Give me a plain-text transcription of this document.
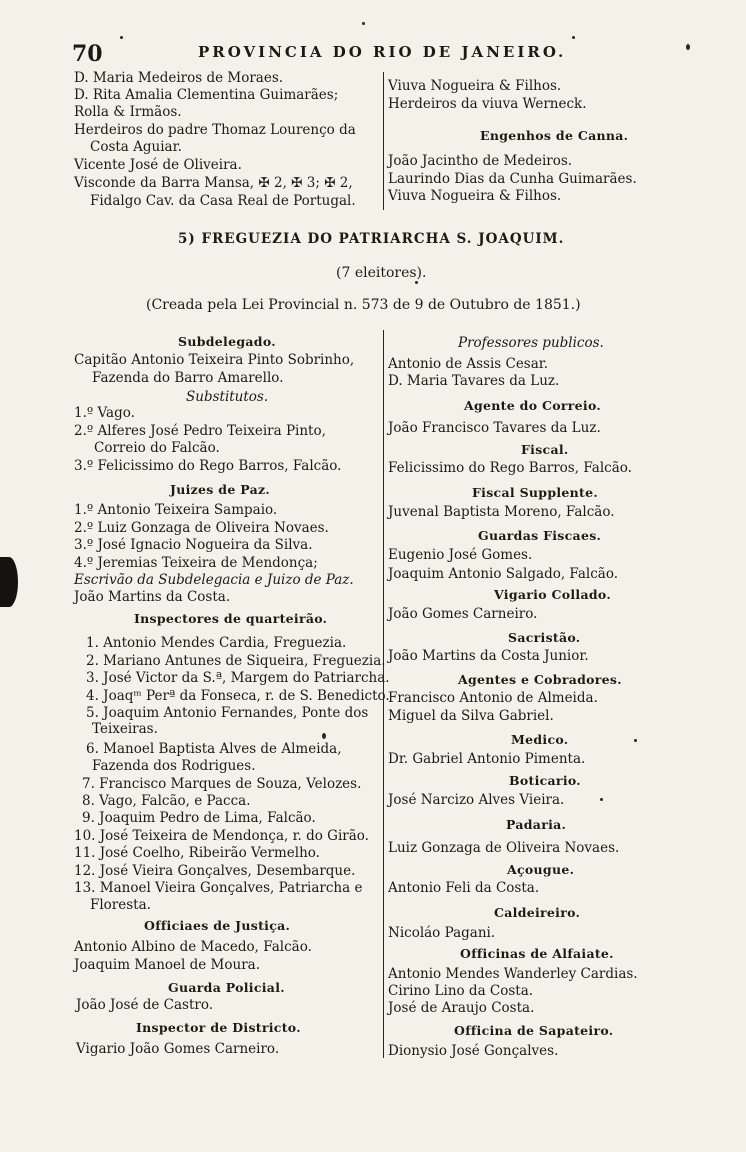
70	PROVINCIA DO RIO DE JANEIRO.
D. Maria Medeiros de Moraes.
D. Rita Amalia Clementina Guimarães;
Rolla & Irmãos.
Herdeiros do padre Thomaz Lourenço da
Costa Aguiar.
Vicente José de Oliveira.
Visconde da Barra Mansa, ✠ 2, ✠ 3; ✠ 2,
Fidalgo Cav. da Casa Real de Portugal.
Viuva Nogueira & Filhos.
Herdeiros da viuva Werneck.
Engenhos de Canna.
João Jacintho de Medeiros.
Laurindo Dias da Cunha Guimarães.
Viuva Nogueira & Filhos.
5) FREGUEZIA DO PATRIARCHA S. JOAQUIM.
(7 eleitores).
(Creada pela Lei Provincial n. 573 de 9 de Outubro de 1851.)
Subdelegado.
Capitão Antonio Teixeira Pinto Sobrinho,
Fazenda do Barro Amarello.
Substitutos.
1.º Vago.
2.º Alferes José Pedro Teixeira Pinto,
Correio do Falcão.
3.º Felicissimo do Rego Barros, Falcão.
Juizes de Paz.
1.º Antonio Teixeira Sampaio.
2.º Luiz Gonzaga de Oliveira Novaes.
3.º José Ignacio Nogueira da Silva.
4.º Jeremias Teixeira de Mendonça;
Escrivão da Subdelegacia e Juizo de Paz.
João Martins da Costa.
Inspectores de quarteirão.
1. Antonio Mendes Cardia, Freguezia.
2. Mariano Antunes de Siqueira, Freguezia.
3. José Victor da S.ª, Margem do Patriarcha.
4. Joaqᵐ Perª da Fonseca, r. de S. Benedicto.
5. Joaquim Antonio Fernandes, Ponte dos
Teixeiras.
6. Manoel Baptista Alves de Almeida,
Fazenda dos Rodrigues.
7. Francisco Marques de Souza, Velozes.
8. Vago, Falcão, e Pacca.
9. Joaquim Pedro de Lima, Falcão.
10. José Teixeira de Mendonça, r. do Girão.
11. José Coelho, Ribeirão Vermelho.
12. José Vieira Gonçalves, Desembarque.
13. Manoel Vieira Gonçalves, Patriarcha e
Floresta.
Officiaes de Justiça.
Antonio Albino de Macedo, Falcão.
Joaquim Manoel de Moura.
Guarda Policial.
João José de Castro.
Inspector de Districto.
Vigario João Gomes Carneiro.
Professores publicos.
Antonio de Assis Cesar.
D. Maria Tavares da Luz.
Agente do Correio.
João Francisco Tavares da Luz.
Fiscal.
Felicissimo do Rego Barros, Falcão.
Fiscal Supplente.
Juvenal Baptista Moreno, Falcão.
Guardas Fiscaes.
Eugenio José Gomes.
Joaquim Antonio Salgado, Falcão.
Vigario Collado.
João Gomes Carneiro.
Sacristão.
João Martins da Costa Junior.
Agentes e Cobradores.
Francisco Antonio de Almeida.
Miguel da Silva Gabriel.
Medico.
Dr. Gabriel Antonio Pimenta.
Boticario.
José Narcizo Alves Vieira.
Padaria.
Luiz Gonzaga de Oliveira Novaes.
Açougue.
Antonio Feli da Costa.
Caldeireiro.
Nicoláo Pagani.
Officinas de Alfaiate.
Antonio Mendes Wanderley Cardias.
Cirino Lino da Costa.
José de Araujo Costa.
Officina de Sapateiro.
Dionysio José Gonçalves.
